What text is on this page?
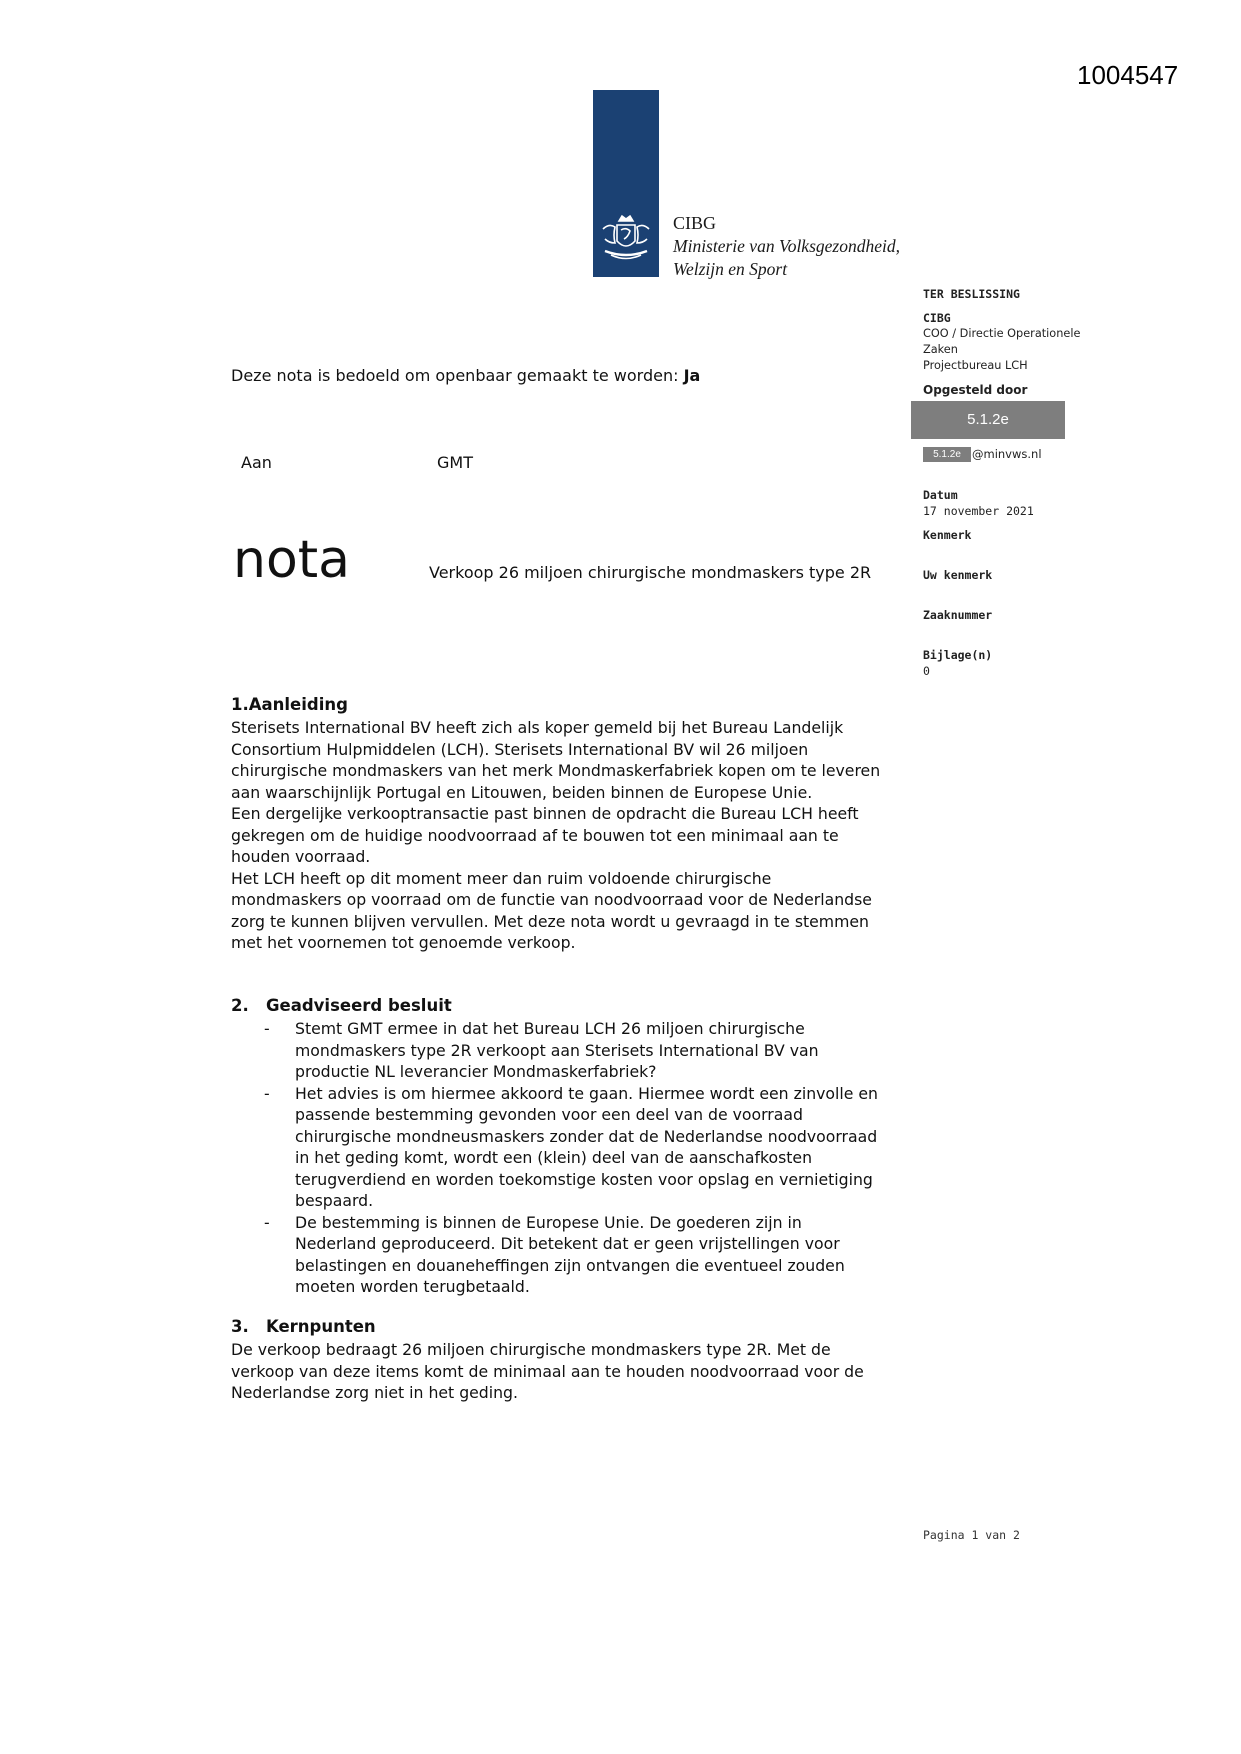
1004547
CIBG
Ministerie van Volksgezondheid,
Welzijn en Sport
TER BESLISSING
CIBG
COO / Directie Operationele
Zaken
Projectbureau LCH
Opgesteld door
5.1.2e
5.1.2e @minvws.nl
Datum
17 november 2021
Kenmerk
Uw kenmerk
Zaaknummer
Bijlage(n)
0
Deze nota is bedoeld om openbaar gemaakt te worden: Ja
Aan	GMT
nota	Verkoop 26 miljoen chirurgische mondmaskers type 2R
1.Aanleiding
Sterisets International BV heeft zich als koper gemeld bij het Bureau Landelijk
Consortium Hulpmiddelen (LCH). Sterisets International BV wil 26 miljoen
chirurgische mondmaskers van het merk Mondmaskerfabriek kopen om te leveren
aan waarschijnlijk Portugal en Litouwen, beiden binnen de Europese Unie.
Een dergelijke verkooptransactie past binnen de opdracht die Bureau LCH heeft
gekregen om de huidige noodvoorraad af te bouwen tot een minimaal aan te
houden voorraad.
Het LCH heeft op dit moment meer dan ruim voldoende chirurgische
mondmaskers op voorraad om de functie van noodvoorraad voor de Nederlandse
zorg te kunnen blijven vervullen. Met deze nota wordt u gevraagd in te stemmen
met het voornemen tot genoemde verkoop.
2.   Geadviseerd besluit
- Stemt GMT ermee in dat het Bureau LCH 26 miljoen chirurgische
mondmaskers type 2R verkoopt aan Sterisets International BV van
productie NL leverancier Mondmaskerfabriek?
- Het advies is om hiermee akkoord te gaan. Hiermee wordt een zinvolle en
passende bestemming gevonden voor een deel van de voorraad
chirurgische mondneusmaskers zonder dat de Nederlandse noodvoorraad
in het geding komt, wordt een (klein) deel van de aanschafkosten
terugverdiend en worden toekomstige kosten voor opslag en vernietiging
bespaard.
- De bestemming is binnen de Europese Unie. De goederen zijn in
Nederland geproduceerd. Dit betekent dat er geen vrijstellingen voor
belastingen en douaneheffingen zijn ontvangen die eventueel zouden
moeten worden terugbetaald.
3.   Kernpunten
De verkoop bedraagt 26 miljoen chirurgische mondmaskers type 2R. Met de
verkoop van deze items komt de minimaal aan te houden noodvoorraad voor de
Nederlandse zorg niet in het geding.
Pagina 1 van 2
